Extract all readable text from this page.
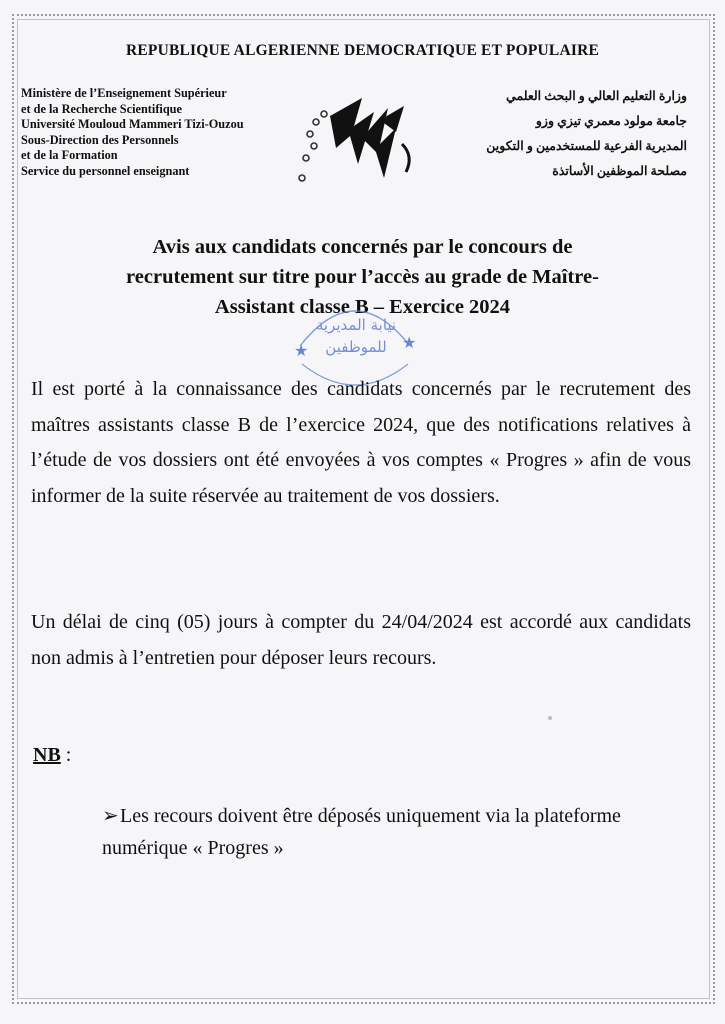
REPUBLIQUE ALGERIENNE DEMOCRATIQUE ET POPULAIRE
Ministère de l’Enseignement Supérieur
et de la Recherche Scientifique
Université Mouloud Mammeri Tizi-Ouzou
Sous-Direction des Personnels
et de la Formation
Service du personnel enseignant
وزارة التعليم العالي و البحث العلمي
جامعة مولود معمري تيزي وزو
المديرية الفرعية للمستخدمين و التكوين
مصلحة الموظفين الأساتذة
Avis aux candidats concernés par le concours de
recrutement sur titre pour l’accès au grade de Maître-
Assistant classe B – Exercice 2024
★	★
نيابة المديرية
للموظفين
Il est porté à la connaissance des candidats concernés par le recrutement des maîtres assistants classe B de l’exercice 2024, que des notifications relatives à l’étude de vos dossiers ont été envoyées à vos comptes « Progres » afin de vous informer de la suite réservée au traitement de vos dossiers.
Un délai de cinq (05) jours à compter du 24/04/2024 est accordé aux candidats non admis à l’entretien pour déposer leurs recours.
NB :
➢Les recours doivent être déposés uniquement via la plateforme numérique « Progres »
